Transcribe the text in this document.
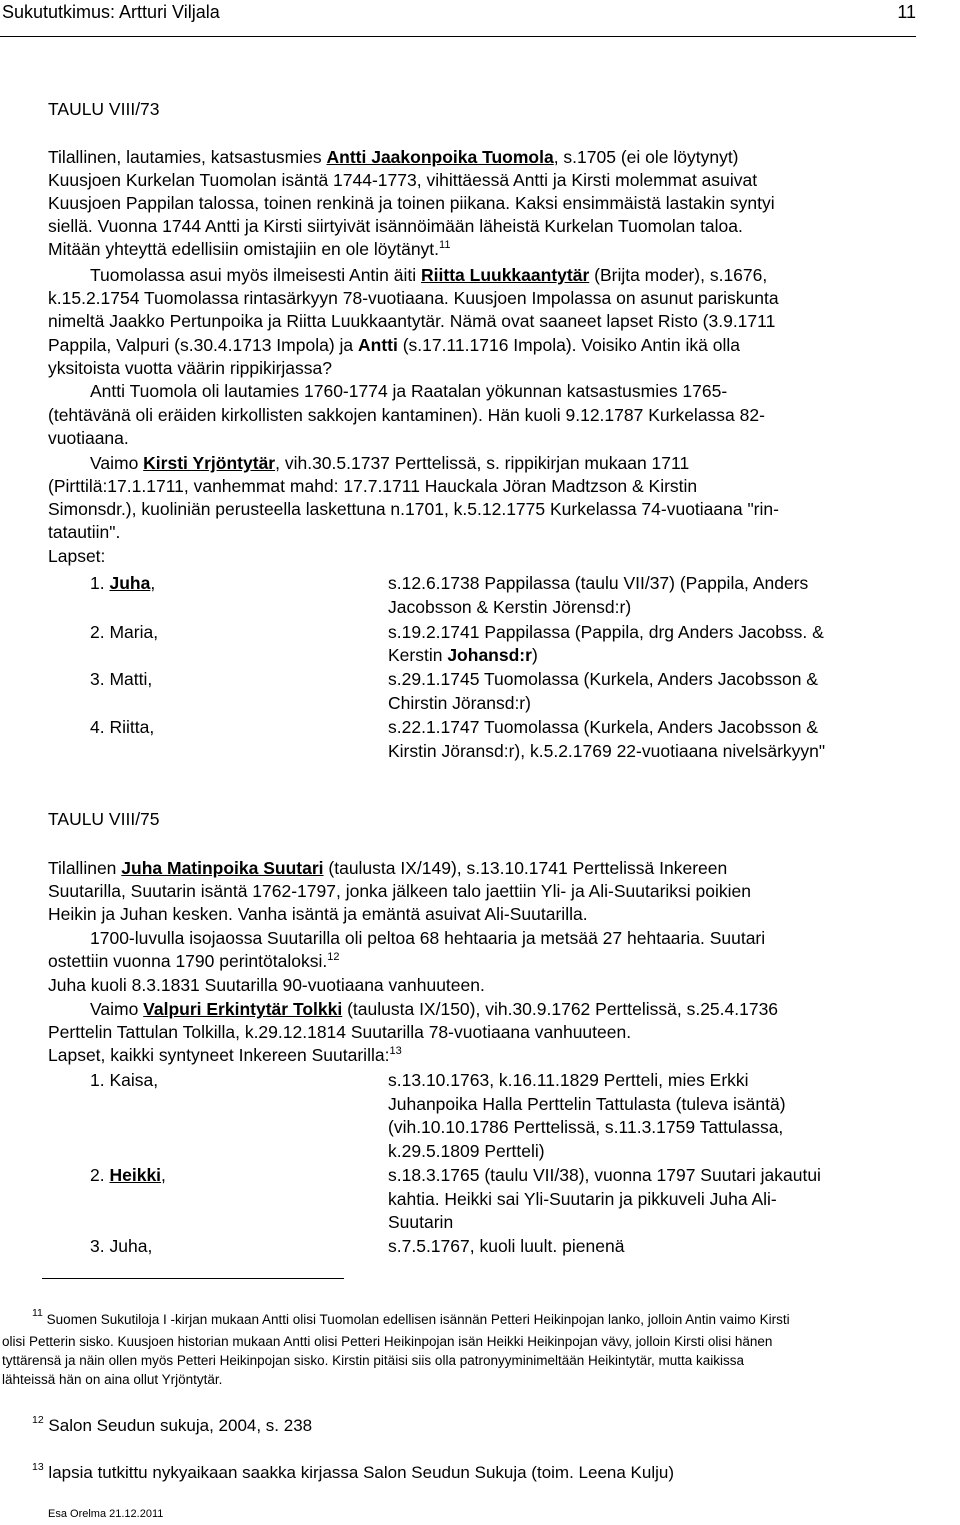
Sukututkimus: Artturi Viljala	11
TAULU VIII/73
Tilallinen, lautamies, katsastusmies Antti Jaakonpoika Tuomola, s.1705 (ei ole löytynyt)
Kuusjoen Kurkelan Tuomolan isäntä 1744-1773, vihittäessä Antti ja Kirsti molemmat asuivat
Kuusjoen Pappilan talossa, toinen renkinä ja toinen piikana. Kaksi ensimmäistä lastakin syntyi
siellä. Vuonna 1744 Antti ja Kirsti siirtyivät isännöimään läheistä Kurkelan Tuomolan taloa.
Mitään yhteyttä edellisiin omistajiin en ole löytänyt.$^{11}$
Tuomolassa asui myös ilmeisesti Antin äiti Riitta Luukkaantytär (Brijta moder), s.1676,
k.15.2.1754 Tuomolassa rintasärkyyn 78-vuotiaana. Kuusjoen Impolassa on asunut pariskunta
nimeltä Jaakko Pertunpoika ja Riitta Luukkaantytär. Nämä ovat saaneet lapset Risto (3.9.1711
Pappila, Valpuri (s.30.4.1713 Impola) ja Antti (s.17.11.1716 Impola). Voisiko Antin ikä olla
yksitoista vuotta väärin rippikirjassa?
Antti Tuomola oli lautamies 1760-1774 ja Raatalan yökunnan katsastusmies 1765-
(tehtävänä oli eräiden kirkollisten sakkojen kantaminen). Hän kuoli 9.12.1787 Kurkelassa 82-
vuotiaana.
Vaimo Kirsti Yrjöntytär, vih.30.5.1737 Perttelissä, s. rippikirjan mukaan 1711
(Pirttilä:17.1.1711, vanhemmat mahd: 17.7.1711 Hauckala Jöran Madtzson & Kirstin
Simonsdr.), kuoliniän perusteella laskettuna n.1701, k.5.12.1775 Kurkelassa 74-vuotiaana "rin-
tatautiin".
Lapset:
1. Juha,	s.12.6.1738 Pappilassa (taulu VII/37) (Pappila, Anders
Jacobsson & Kerstin Jörensd:r)
2. Maria,	s.19.2.1741 Pappilassa (Pappila, drg Anders Jacobss. &
Kerstin Johansd:r)
3. Matti,	s.29.1.1745 Tuomolassa (Kurkela, Anders Jacobsson &
Chirstin Jöransd:r)
4. Riitta,	s.22.1.1747 Tuomolassa (Kurkela, Anders Jacobsson &
Kirstin Jöransd:r), k.5.2.1769 22-vuotiaana nivelsärkyyn"
TAULU VIII/75
Tilallinen Juha Matinpoika Suutari (taulusta IX/149), s.13.10.1741 Perttelissä Inkereen
Suutarilla, Suutarin isäntä 1762-1797, jonka jälkeen talo jaettiin Yli- ja Ali-Suutariksi poikien
Heikin ja Juhan kesken. Vanha isäntä ja emäntä asuivat Ali-Suutarilla.
1700-luvulla isojaossa Suutarilla oli peltoa 68 hehtaaria ja metsää 27 hehtaaria. Suutari
ostettiin vuonna 1790 perintötaloksi.$^{12}$
Juha kuoli 8.3.1831 Suutarilla 90-vuotiaana vanhuuteen.
Vaimo Valpuri Erkintytär Tolkki (taulusta IX/150), vih.30.9.1762 Perttelissä, s.25.4.1736
Perttelin Tattulan Tolkilla, k.29.12.1814 Suutarilla 78-vuotiaana vanhuuteen.
Lapset, kaikki syntyneet Inkereen Suutarilla:$^{13}$
1. Kaisa,	s.13.10.1763, k.16.11.1829 Pertteli, mies Erkki
Juhanpoika Halla Perttelin Tattulasta (tuleva isäntä)
(vih.10.10.1786 Perttelissä, s.11.3.1759 Tattulassa,
k.29.5.1809 Pertteli)
2. Heikki,	s.18.3.1765 (taulu VII/38), vuonna 1797 Suutari jakautui
kahtia. Heikki sai Yli-Suutarin ja pikkuveli Juha Ali-
Suutarin
3. Juha,	s.7.5.1767, kuoli luult. pienenä
$^{11}$ Suomen Sukutiloja I -kirjan mukaan Antti olisi Tuomolan edellisen isännän Petteri Heikinpojan lanko, jolloin Antin vaimo Kirsti
olisi Petterin sisko. Kuusjoen historian mukaan Antti olisi Petteri Heikinpojan isän Heikki Heikinpojan vävy, jolloin Kirsti olisi hänen
tyttärensä ja näin ollen myös Petteri Heikinpojan sisko. Kirstin pitäisi siis olla patronyyminimeltään Heikintytär, mutta kaikissa
lähteissä hän on aina ollut Yrjöntytär.
$^{12}$ Salon Seudun sukuja, 2004, s. 238
$^{13}$ lapsia tutkittu nykyaikaan saakka kirjassa Salon Seudun Sukuja (toim. Leena Kulju)
Esa Orelma 21.12.2011
